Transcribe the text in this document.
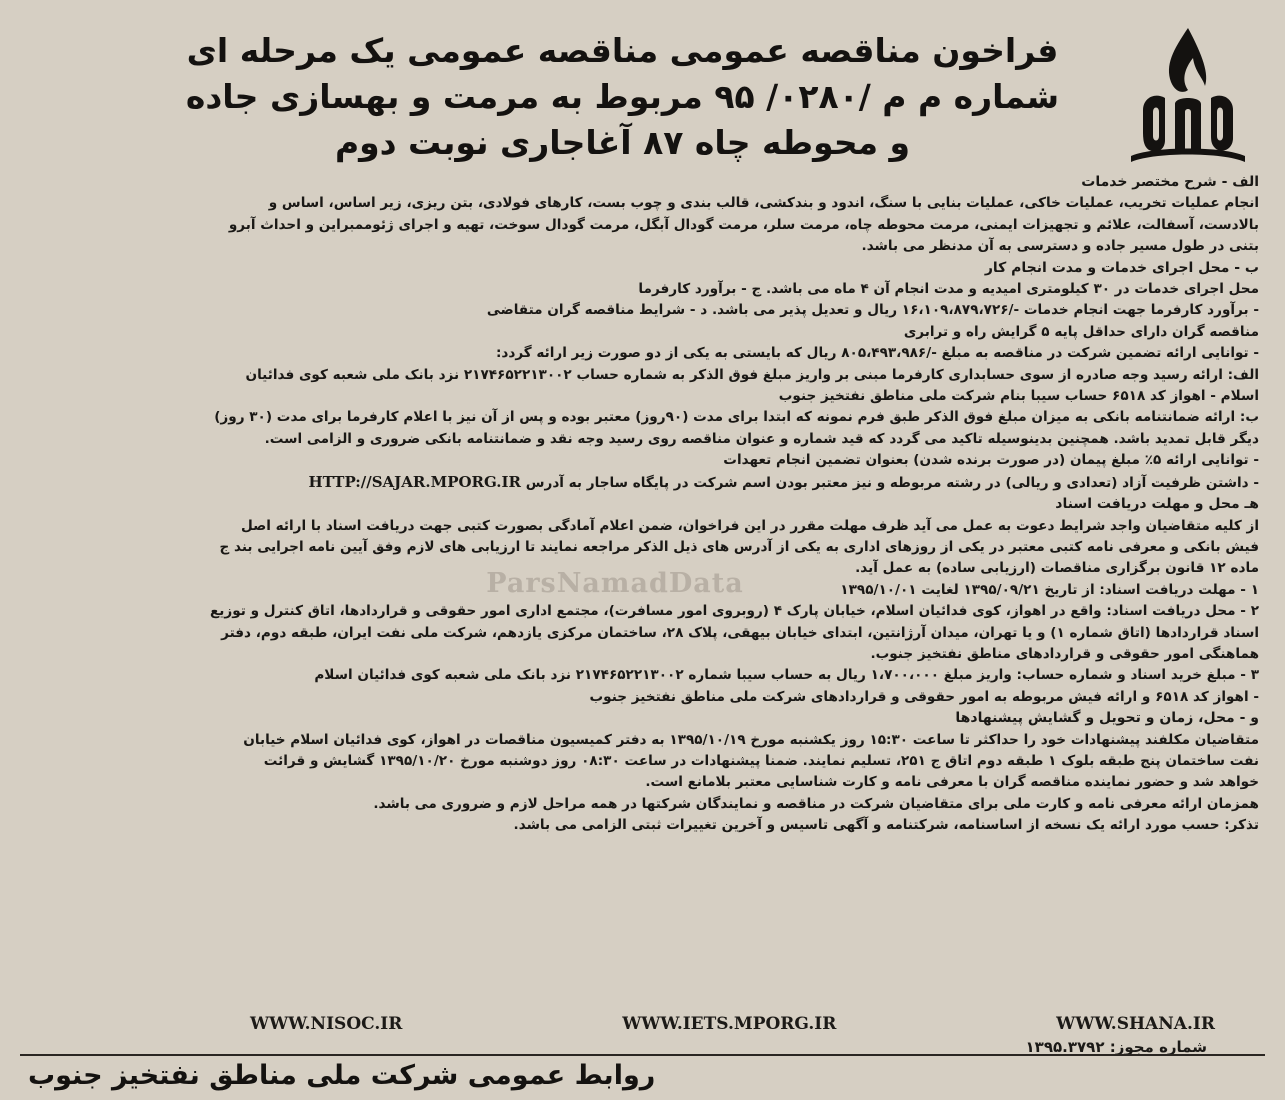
فراخون مناقصه عمومی مناقصه عمومی یک مرحله ای
شماره م م /۰۲۸۰/ ۹۵ مربوط به مرمت و بهسازی جاده
و محوطه چاه ۸۷ آغاجاری نوبت دوم
ParsNamadData
الف - شرح مختصر خدمات
انجام عملیات تخریب، عملیات خاکی، عملیات بنایی با سنگ، اندود و بندکشی، قالب بندی و چوب بست، کارهای فولادی، بتن ریزی، زیر اساس، اساس و
بالادست، آسفالت، علائم و تجهیزات ایمنی، مرمت محوطه چاه، مرمت سلر، مرمت گودال آبگل، مرمت گودال سوخت، تهیه و اجرای ژئوممبراین و احداث آبرو
بتنی در طول مسیر جاده و دسترسی به آن مدنظر می باشد.
ب - محل اجرای خدمات و مدت انجام کار
محل اجرای خدمات در ۳۰ کیلومتری امیدیه و مدت انجام آن ۴ ماه می باشد. ج - برآورد کارفرما
- برآورد کارفرما جهت انجام خدمات -/۱۶،۱۰۹،۸۷۹،۷۲۶ ریال و تعدیل پذیر می باشد. د - شرایط مناقصه گران متقاضی
مناقصه گران دارای حداقل پایه ۵ گرایش راه و ترابری
- توانایی ارائه تضمین شرکت در مناقصه به مبلغ -/۸۰۵،۴۹۳،۹۸۶ ریال که بایستی به یکی از دو صورت زیر ارائه گردد:
الف: ارائه رسید وجه صادره از سوی حسابداری کارفرما مبنی بر واریز مبلغ فوق الذکر به شماره حساب ۲۱۷۴۶۵۲۲۱۳۰۰۲ نزد بانک ملی شعبه کوی فدائیان
اسلام - اهواز کد ۶۵۱۸ حساب سیبا بنام شرکت ملی مناطق نفتخیز جنوب
ب: ارائه ضمانتنامه بانکی به میزان مبلغ فوق الذکر طبق فرم نمونه که ابتدا برای مدت (۹۰روز) معتبر بوده و پس از آن نیز با اعلام کارفرما برای مدت (۳۰ روز)
دیگر قابل تمدید باشد. همچنین بدینوسیله تاکید می گردد که قید شماره و عنوان مناقصه روی رسید وجه نقد و ضمانتنامه بانکی ضروری و الزامی است.
- توانایی ارائه ۵٪ مبلغ پیمان (در صورت برنده شدن) بعنوان تضمین انجام تعهدات
- داشتن ظرفیت آزاد (تعدادی و ریالی) در رشته مربوطه و نیز معتبر بودن اسم شرکت در پایگاه ساجار به آدرس HTTP://SAJAR.MPORG.IR
هـ محل و مهلت دریافت اسناد
از کلیه متقاضیان واجد شرایط دعوت به عمل می آید ظرف مهلت مقرر در این فراخوان، ضمن اعلام آمادگی بصورت کتبی جهت دریافت اسناد با ارائه اصل
فیش بانکی و معرفی نامه کتبی معتبر در یکی از روزهای اداری به یکی از آدرس های ذیل الذکر مراجعه نمایند تا ارزیابی های لازم وفق آیین نامه اجرایی بند ج
ماده ۱۲ قانون برگزاری مناقصات (ارزیابی ساده) به عمل آید.
۱ - مهلت دریافت اسناد: از تاریخ ۱۳۹۵/۰۹/۲۱ لغایت ۱۳۹۵/۱۰/۰۱
۲ - محل دریافت اسناد: واقع در اهواز، کوی فدائیان اسلام، خیابان پارک ۴ (روبروی امور مسافرت)، مجتمع اداری امور حقوقی و قراردادها، اتاق کنترل و توزیع
اسناد قراردادها (اتاق شماره ۱) و یا تهران، میدان آرژانتین، ابتدای خیابان بیهقی، پلاک ۲۸، ساختمان مرکزی یازدهم، شرکت ملی نفت ایران، طبقه دوم، دفتر
هماهنگی امور حقوقی و قراردادهای مناطق نفتخیز جنوب.
۳ - مبلغ خرید اسناد و شماره حساب: واریز مبلغ ۱،۷۰۰،۰۰۰ ریال به حساب سیبا شماره ۲۱۷۴۶۵۲۲۱۳۰۰۲ نزد بانک ملی شعبه کوی فدائیان اسلام
- اهواز کد ۶۵۱۸ و ارائه فیش مربوطه به امور حقوقی و قراردادهای شرکت ملی مناطق نفتخیز جنوب
و - محل، زمان و تحویل و گشایش پیشنهادها
متقاضیان مکلفند پیشنهادات خود را حداکثر تا ساعت ۱۵:۳۰ روز یکشنبه مورخ ۱۳۹۵/۱۰/۱۹ به دفتر کمیسیون مناقصات در اهواز، کوی فدائیان اسلام خیابان
نفت ساختمان پنج طبقه بلوک ۱ طبقه دوم اتاق ج ۲۵۱، تسلیم نمایند. ضمنا پیشنهادات در ساعت ۰۸:۳۰ روز دوشنبه مورخ ۱۳۹۵/۱۰/۲۰ گشایش و قرائت
خواهد شد و حضور نماینده مناقصه گران با معرفی نامه و کارت شناسایی معتبر بلامانع است.
همزمان ارائه معرفی نامه و کارت ملی برای متقاضیان شرکت در مناقصه و نمایندگان شرکتها در همه مراحل لازم و ضروری می باشد.
تذکر: حسب مورد ارائه یک نسخه از اساسنامه، شرکتنامه و آگهی تاسیس و آخرین تغییرات ثبتی الزامی می باشد.
WWW.NISOC.IR	WWW.IETS.MPORG.IR	WWW.SHANA.IR
شماره مجوز: ۱۳۹۵.۳۷۹۲
روابط عمومی شرکت ملی مناطق نفتخیز جنوب
